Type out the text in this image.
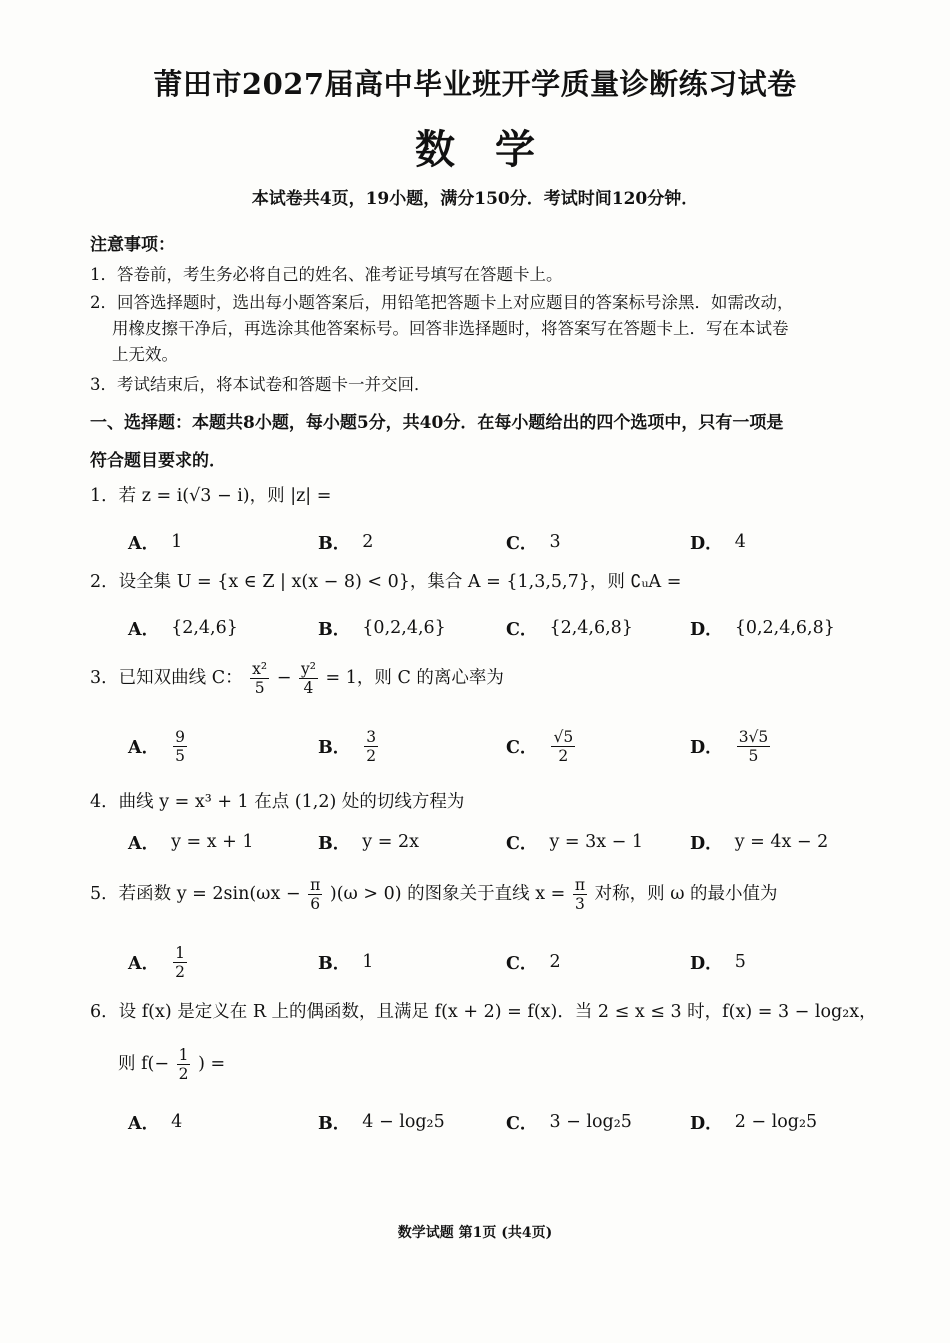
莆田市2027届高中毕业班开学质量诊断练习试卷
数学
本试卷共4页，19小题，满分150分．考试时间120分钟．
注意事项：
1．答卷前，考生务必将自己的姓名、准考证号填写在答题卡上。
2．回答选择题时，选出每小题答案后，用铅笔把答题卡上对应题目的答案标号涂黑．如需改动，
用橡皮擦干净后，再选涂其他答案标号。回答非选择题时，将答案写在答题卡上．写在本试卷
上无效。
3．考试结束后，将本试卷和答题卡一并交回．
一、选择题：本题共8小题，每小题5分，共40分．在每小题给出的四个选项中，只有一项是
符合题目要求的．
1．若 z = i(√3 − i)，则 |z| =
A． 1	B． 2	C． 3	D． 4
2．设全集 U = {x ∈ Z | x(x − 8) < 0}，集合 A = {1,3,5,7}，则 ∁ᵤA =
A． {2,4,6}	B． {0,2,4,6}	C． {2,4,6,8}	D． {0,2,4,6,8}
3．已知双曲线 C： $\frac{\text{x²}}{5} - \frac{\text{y²}}{4} = 1$，则 C 的离心率为
A． $\frac{9}{5}$	B． $\frac{3}{2}$	C． $\frac{√5}{2}$	D． $\frac{3√5}{5}$
4．曲线 y = x³ + 1 在点 (1,2) 处的切线方程为
A． y = x + 1	B． y = 2x	C． y = 3x − 1	D． y = 4x − 2
5．若函数 $y = 2\sin(\omega x - \frac{\pi}{6} )(\omega > 0)$ 的图象关于直线 $x = \frac{\pi}{3}$ 对称，则 ω 的最小值为
A． $\frac{1}{2}$	B． 1	C． 2	D． 5
6．设 f(x) 是定义在 R 上的偶函数，且满足 f(x + 2) = f(x)．当 2 ≤ x ≤ 3 时，f(x) = 3 − log₂x，
则 $f(- \frac{1}{2}$ ) =
A． 4	B． 4 − log₂5	C． 3 − log₂5	D． 2 − log₂5
数学试题 第1页 (共4页)
